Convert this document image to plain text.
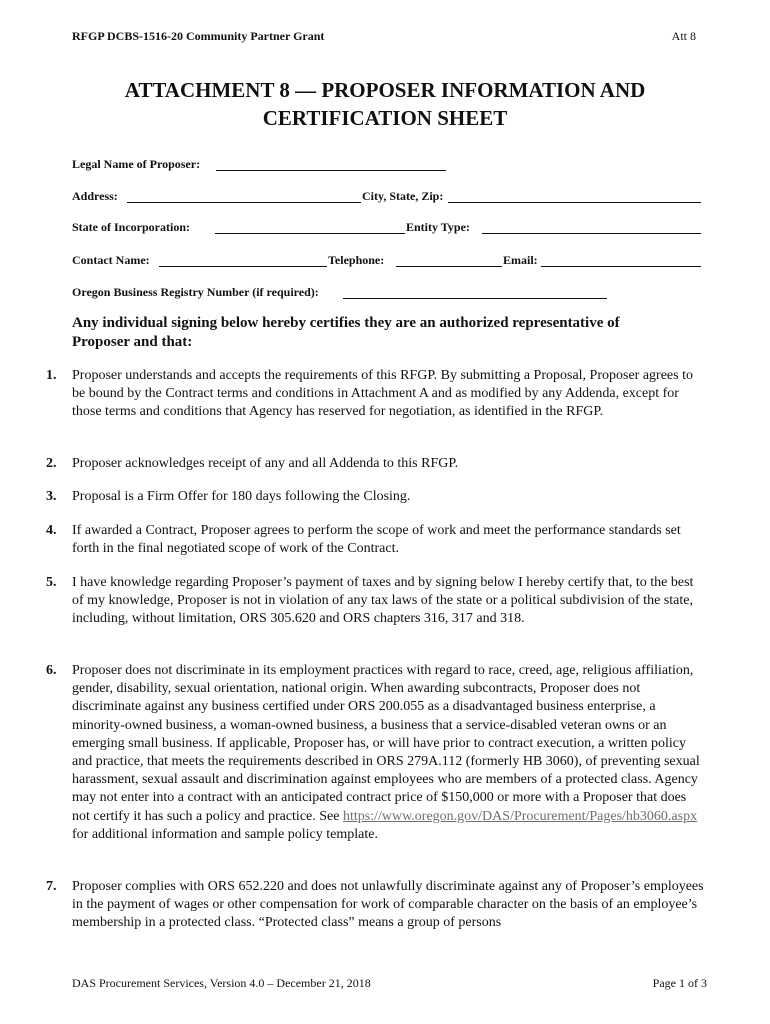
RFGP DCBS-1516-20 Community Partner Grant	Att 8
ATTACHMENT 8 — PROPOSER INFORMATION AND
CERTIFICATION SHEET
Legal Name of Proposer:
Address:	City, State, Zip:
State of Incorporation:	Entity Type:
Contact Name:	Telephone:	Email:
Oregon Business Registry Number (if required):
Any individual signing below hereby certifies they are an authorized representative of Proposer and that:
1. Proposer understands and accepts the requirements of this RFGP. By submitting a Proposal, Proposer agrees to be bound by the Contract terms and conditions in Attachment A and as modified by any Addenda, except for those terms and conditions that Agency has reserved for negotiation, as identified in the RFGP.
2. Proposer acknowledges receipt of any and all Addenda to this RFGP.
3. Proposal is a Firm Offer for 180 days following the Closing.
4. If awarded a Contract, Proposer agrees to perform the scope of work and meet the performance standards set forth in the final negotiated scope of work of the Contract.
5. I have knowledge regarding Proposer’s payment of taxes and by signing below I hereby certify that, to the best of my knowledge, Proposer is not in violation of any tax laws of the state or a political subdivision of the state, including, without limitation, ORS 305.620 and ORS chapters 316, 317 and 318.
6. Proposer does not discriminate in its employment practices with regard to race, creed, age, religious affiliation, gender, disability, sexual orientation, national origin. When awarding subcontracts, Proposer does not discriminate against any business certified under ORS 200.055 as a disadvantaged business enterprise, a minority-owned business, a woman-owned business, a business that a service-disabled veteran owns or an emerging small business. If applicable, Proposer has, or will have prior to contract execution, a written policy and practice, that meets the requirements described in ORS 279A.112 (formerly HB 3060), of preventing sexual harassment, sexual assault and discrimination against employees who are members of a protected class. Agency may not enter into a contract with an anticipated contract price of $150,000 or more with a Proposer that does not certify it has such a policy and practice. See https://www.oregon.gov/DAS/Procurement/Pages/hb3060.aspx for additional information and sample policy template.
7. Proposer complies with ORS 652.220 and does not unlawfully discriminate against any of Proposer’s employees in the payment of wages or other compensation for work of comparable character on the basis of an employee’s membership in a protected class. “Protected class” means a group of persons
DAS Procurement Services, Version 4.0 – December 21, 2018	Page 1 of 3
